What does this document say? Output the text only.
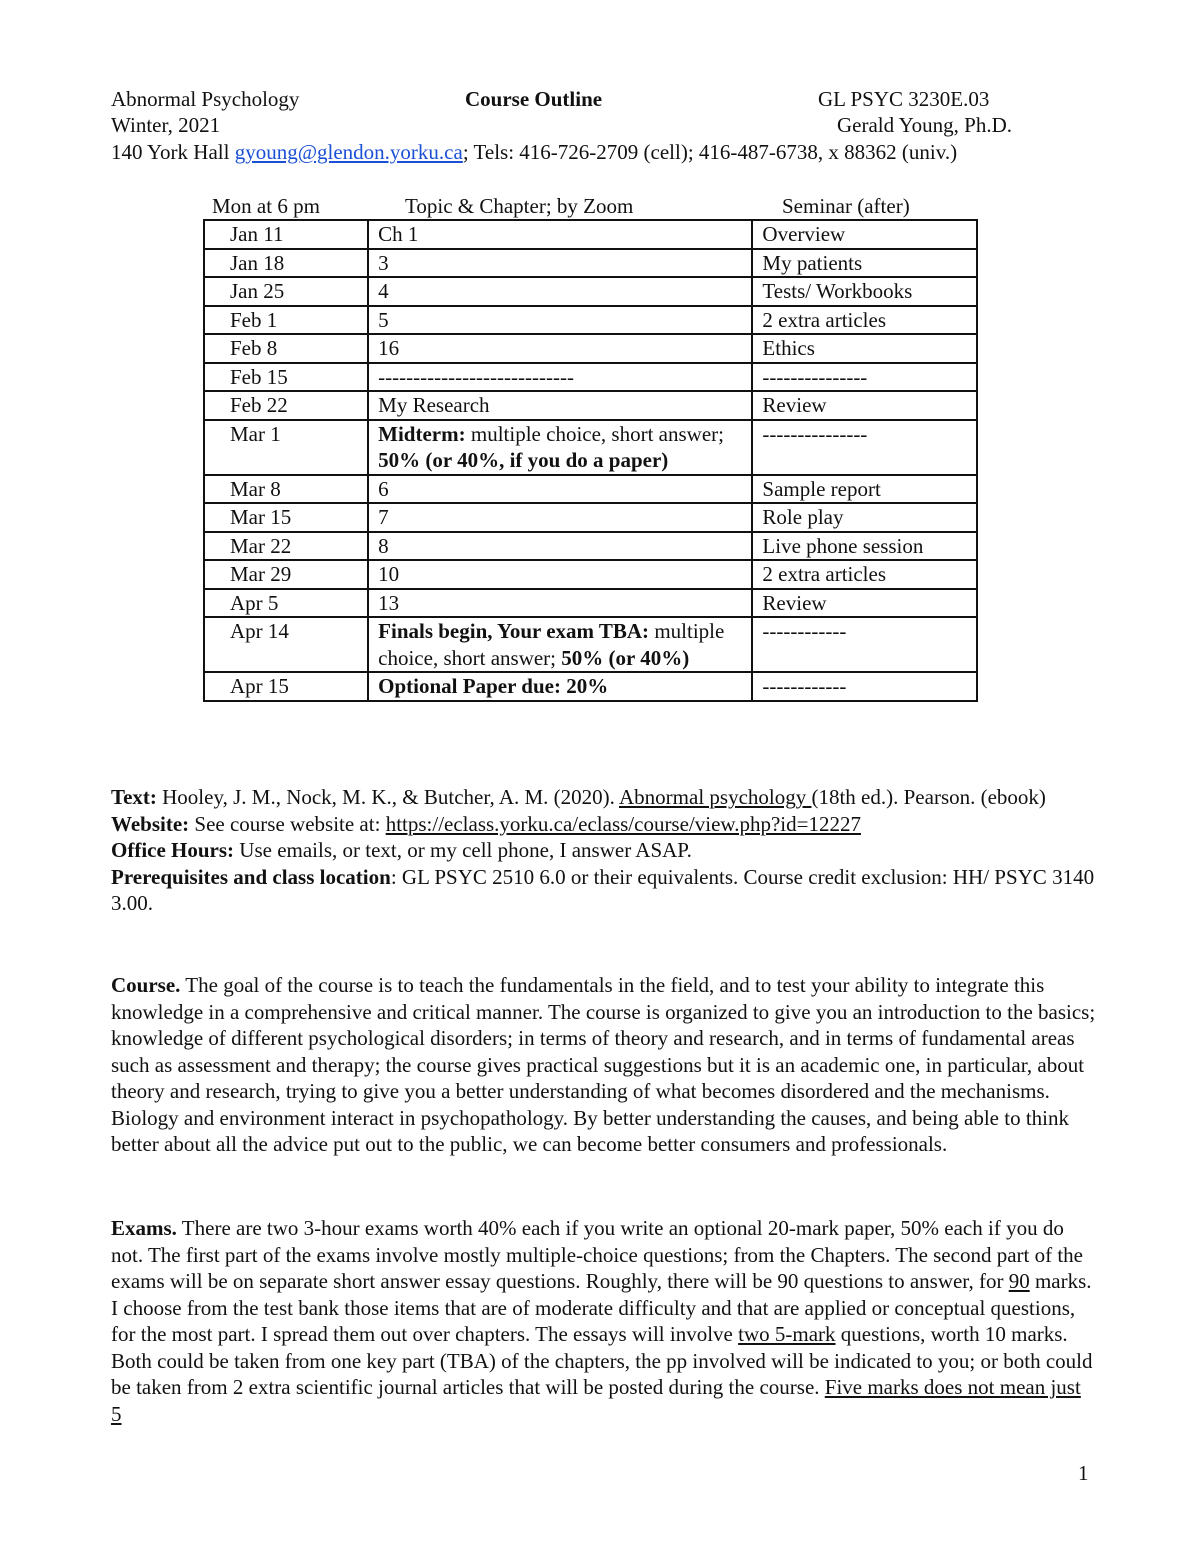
Abnormal Psychology	Course Outline	GL PSYC 3230E.03
Winter, 2021	Gerald Young, Ph.D.
140 York Hall gyoung@glendon.yorku.ca; Tels: 416-726-2709 (cell); 416-487-6738, x 88362 (univ.)
Mon at 6 pm	Topic & Chapter; by Zoom	Seminar (after)
Jan 11	Ch 1	Overview
Jan 18	3	My patients
Jan 25	4	Tests/ Workbooks
Feb 1	5	2 extra articles
Feb 8	16	Ethics
Feb 15	----------------------------	---------------
Feb 22	My Research	Review
Mar 1	Midterm: multiple choice, short answer; 50% (or 40%, if you do a paper)	---------------
Mar 8	6	Sample report
Mar 15	7	Role play
Mar 22	8	Live phone session
Mar 29	10	2 extra articles
Apr 5	13	Review
Apr 14	Finals begin, Your exam TBA: multiple choice, short answer; 50% (or 40%)	------------
Apr 15	Optional Paper due: 20%	------------

Text: Hooley, J. M., Nock, M. K., & Butcher, A. M. (2020). Abnormal psychology (18th ed.). Pearson. (ebook)

Website: See course website at: https://eclass.yorku.ca/eclass/course/view.php?id=12227

Office Hours: Use emails, or text, or my cell phone, I answer ASAP.

Prerequisites and class location: GL PSYC 2510 6.0 or their equivalents. Course credit exclusion: HH/ PSYC 3140 3.00.

Course. The goal of the course is to teach the fundamentals in the field, and to test your ability to integrate this knowledge in a comprehensive and critical manner. The course is organized to give you an introduction to the basics; knowledge of different psychological disorders; in terms of theory and research, and in terms of fundamental areas such as assessment and therapy; the course gives practical suggestions but it is an academic one, in particular, about theory and research, trying to give you a better understanding of what becomes disordered and the mechanisms. Biology and environment interact in psychopathology. By better understanding the causes, and being able to think better about all the advice put out to the public, we can become better consumers and professionals.

Exams. There are two 3-hour exams worth 40% each if you write an optional 20-mark paper, 50% each if you do not. The first part of the exams involve mostly multiple-choice questions; from the Chapters. The second part of the exams will be on separate short answer essay questions. Roughly, there will be 90 questions to answer, for 90 marks. I choose from the test bank those items that are of moderate difficulty and that are applied or conceptual questions, for the most part. I spread them out over chapters. The essays will involve two 5-mark questions, worth 10 marks. Both could be taken from one key part (TBA) of the chapters, the pp involved will be indicated to you; or both could be taken from 2 extra scientific journal articles that will be posted during the course. Five marks does not mean just 5

1
